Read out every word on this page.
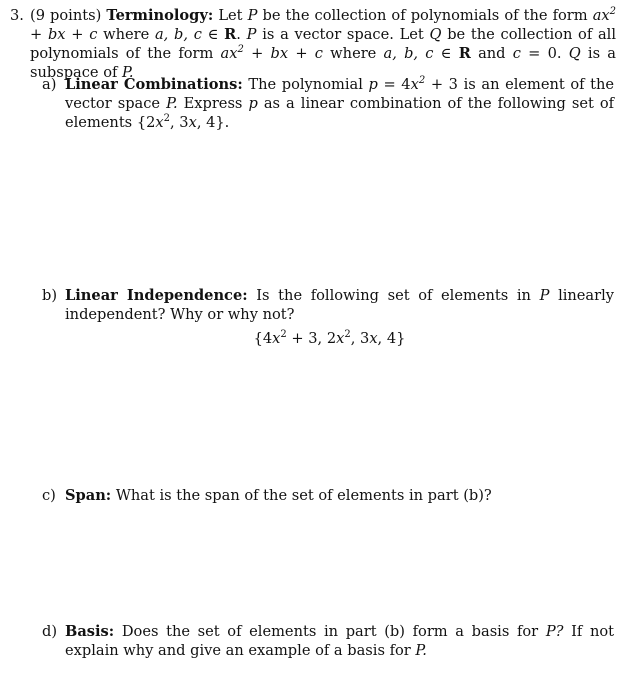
3. (9 points) Terminology: Let P be the collection of polynomials of the form $ax^2$ + bx + c where a, b, c ∈ R. P is a vector space. Let Q be the collection of all polynomials of the form $ax^2$ + bx + c where a, b, c ∈ R and c = 0. Q is a subspace of P.
a) Linear Combinations: The polynomial $p = 4x^2 + 3$ is an element of the vector space P. Express p as a linear combination of the following set of elements {$2x^2$, 3x, 4}.
b) Linear Independence: Is the following set of elements in P linearly independent? Why or why not?
{$4x^2 + 3$, $2x^2$, 3x, 4}
c) Span: What is the span of the set of elements in part (b)?
d) Basis: Does the set of elements in part (b) form a basis for P? If not explain why and give an example of a basis for P.
